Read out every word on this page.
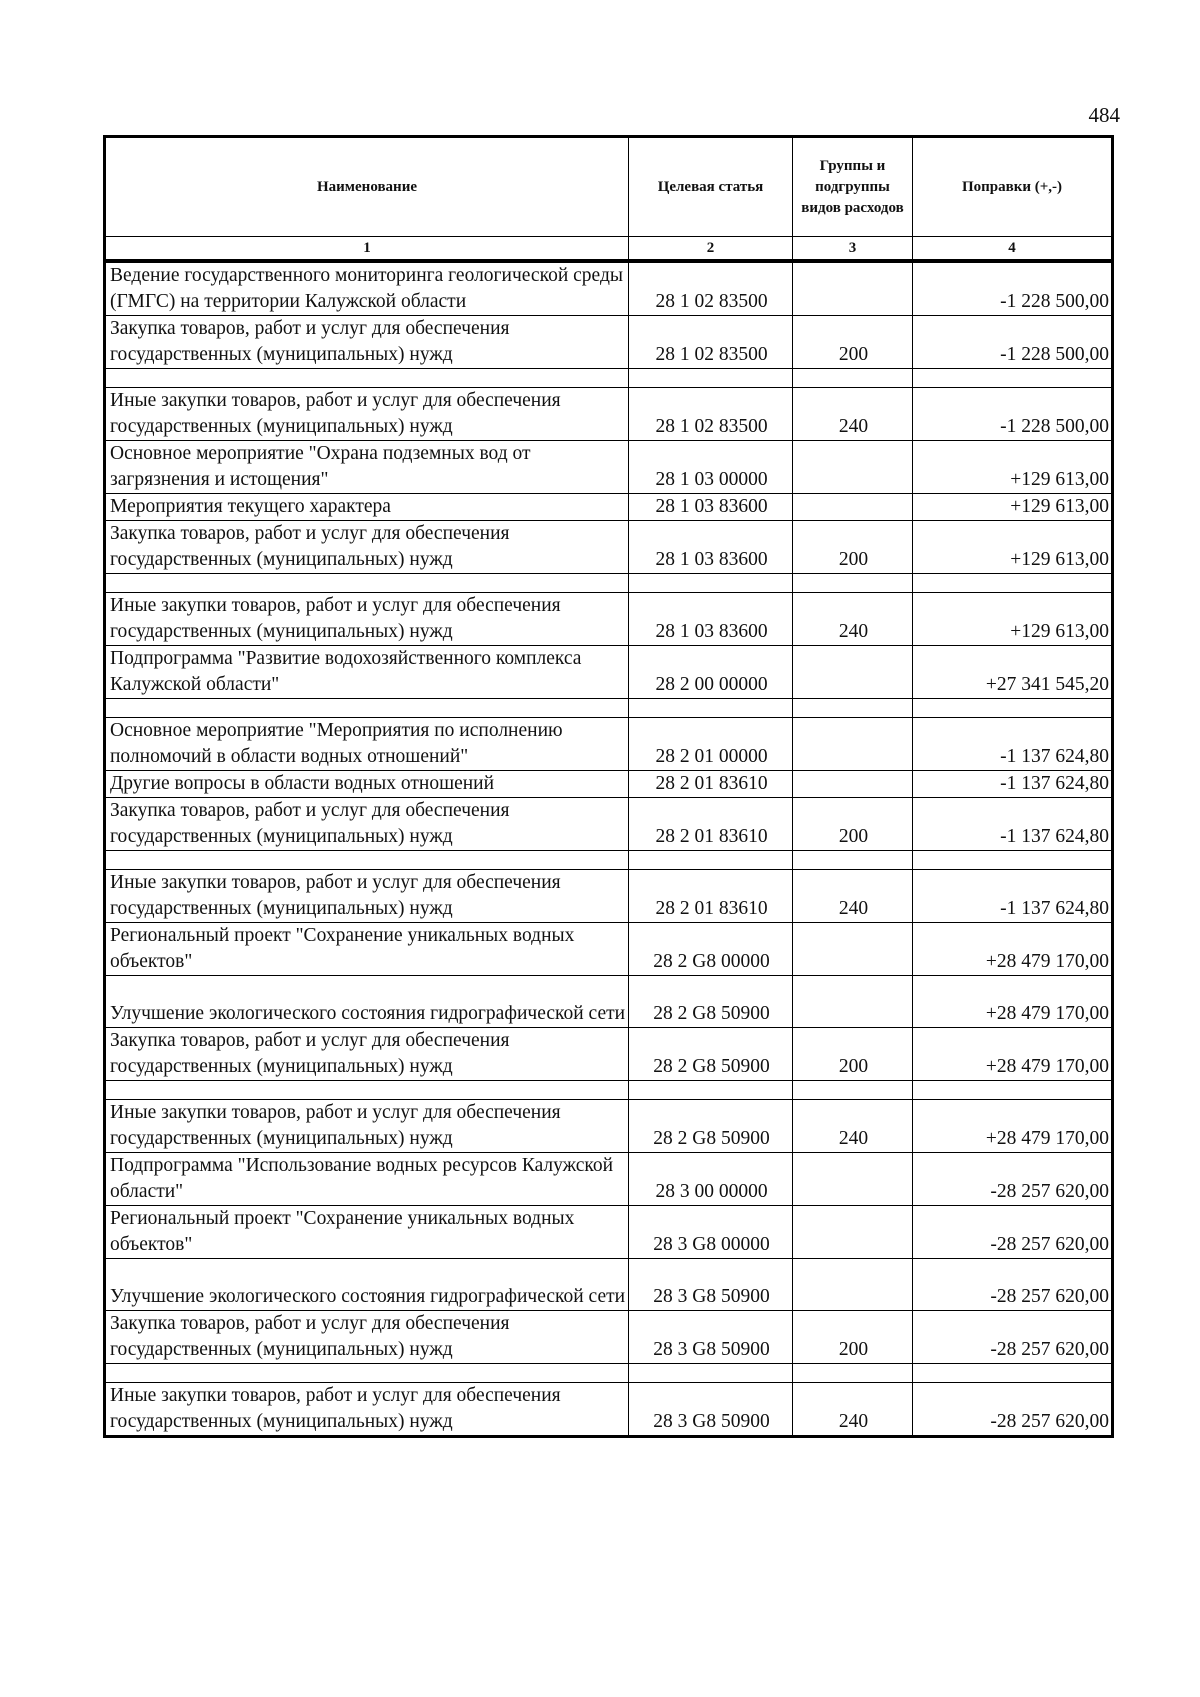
484
Наименование	Целевая статья	Группы и подгруппы видов расходов	Поправки (+,-)
1	2	3	4
Ведение государственного мониторинга геологической среды (ГМГС) на территории Калужской области	28 1 02 83500		-1 228 500,00
Закупка товаров, работ и услуг для обеспечения государственных (муниципальных) нужд	28 1 02 83500	200	-1 228 500,00

Иные закупки товаров, работ и услуг для обеспечения государственных (муниципальных) нужд	28 1 02 83500	240	-1 228 500,00
Основное мероприятие "Охрана подземных вод от загрязнения и истощения"	28 1 03 00000		+129 613,00
Мероприятия текущего характера	28 1 03 83600		+129 613,00
Закупка товаров, работ и услуг для обеспечения государственных (муниципальных) нужд	28 1 03 83600	200	+129 613,00

Иные закупки товаров, работ и услуг для обеспечения государственных (муниципальных) нужд	28 1 03 83600	240	+129 613,00
Подпрограмма "Развитие водохозяйственного комплекса Калужской области"	28 2 00 00000		+27 341 545,20

Основное мероприятие "Мероприятия по исполнению полномочий в области водных отношений"	28 2 01 00000		-1 137 624,80
Другие вопросы в области водных отношений	28 2 01 83610		-1 137 624,80
Закупка товаров, работ и услуг для обеспечения государственных (муниципальных) нужд	28 2 01 83610	200	-1 137 624,80

Иные закупки товаров, работ и услуг для обеспечения государственных (муниципальных) нужд	28 2 01 83610	240	-1 137 624,80
Региональный проект "Сохранение уникальных водных объектов"	28 2 G8 00000		+28 479 170,00
Улучшение экологического состояния гидрографической сети	28 2 G8 50900		+28 479 170,00
Закупка товаров, работ и услуг для обеспечения государственных (муниципальных) нужд	28 2 G8 50900	200	+28 479 170,00

Иные закупки товаров, работ и услуг для обеспечения государственных (муниципальных) нужд	28 2 G8 50900	240	+28 479 170,00
Подпрограмма "Использование водных ресурсов Калужской области"	28 3 00 00000		-28 257 620,00
Региональный проект "Сохранение уникальных водных объектов"	28 3 G8 00000		-28 257 620,00
Улучшение экологического состояния гидрографической сети	28 3 G8 50900		-28 257 620,00
Закупка товаров, работ и услуг для обеспечения государственных (муниципальных) нужд	28 3 G8 50900	200	-28 257 620,00

Иные закупки товаров, работ и услуг для обеспечения государственных (муниципальных) нужд	28 3 G8 50900	240	-28 257 620,00
